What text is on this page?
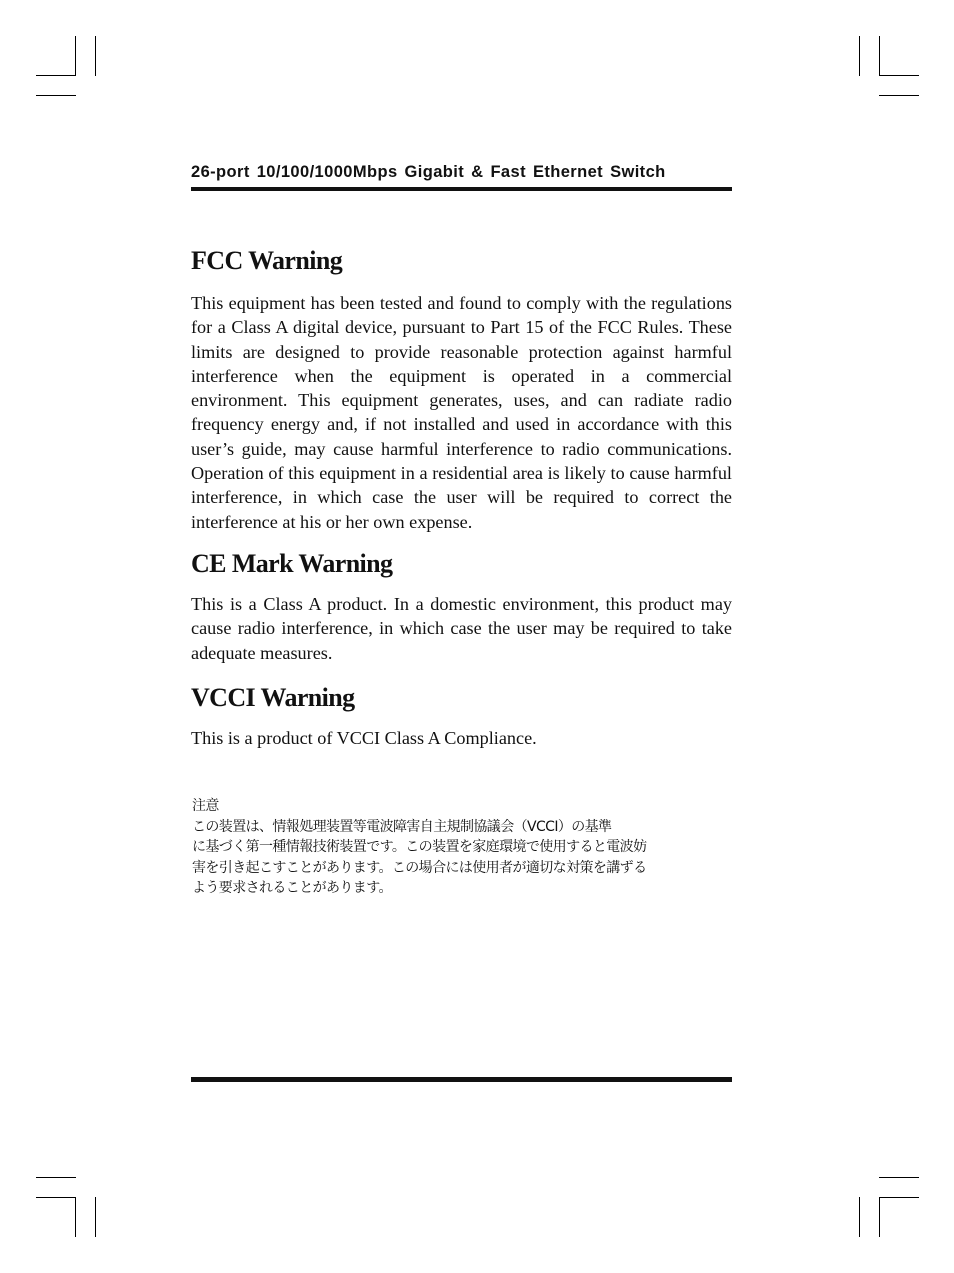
26-port 10/100/1000Mbps Gigabit & Fast Ethernet Switch
FCC Warning

This equipment has been tested and found to comply with the regulations for a Class A digital device, pursuant to Part 15 of the FCC Rules. These limits are designed to provide reasonable protection against harmful interference when the equipment is operated in a commercial environment. This equipment generates, uses, and can radiate radio frequency energy and, if not installed and used in accordance with this user’s guide, may cause harmful interference to radio communications. Operation of this equipment in a residential area is likely to cause harmful interference, in which case the user will be required to correct the interference at his or her own expense.

CE Mark Warning

This is a Class A product. In a domestic environment, this product may cause radio interference, in which case the user may be required to take adequate measures.

VCCI Warning

This is a product of VCCI Class A Compliance.

注意
この装置は、情報処理装置等電波障害自主規制協議会（VCCI）の基準
に基づく第一種情報技術装置です。この装置を家庭環境で使用すると電波妨
害を引き起こすことがあります。この場合には使用者が適切な対策を講ずる
よう要求されることがあります。
